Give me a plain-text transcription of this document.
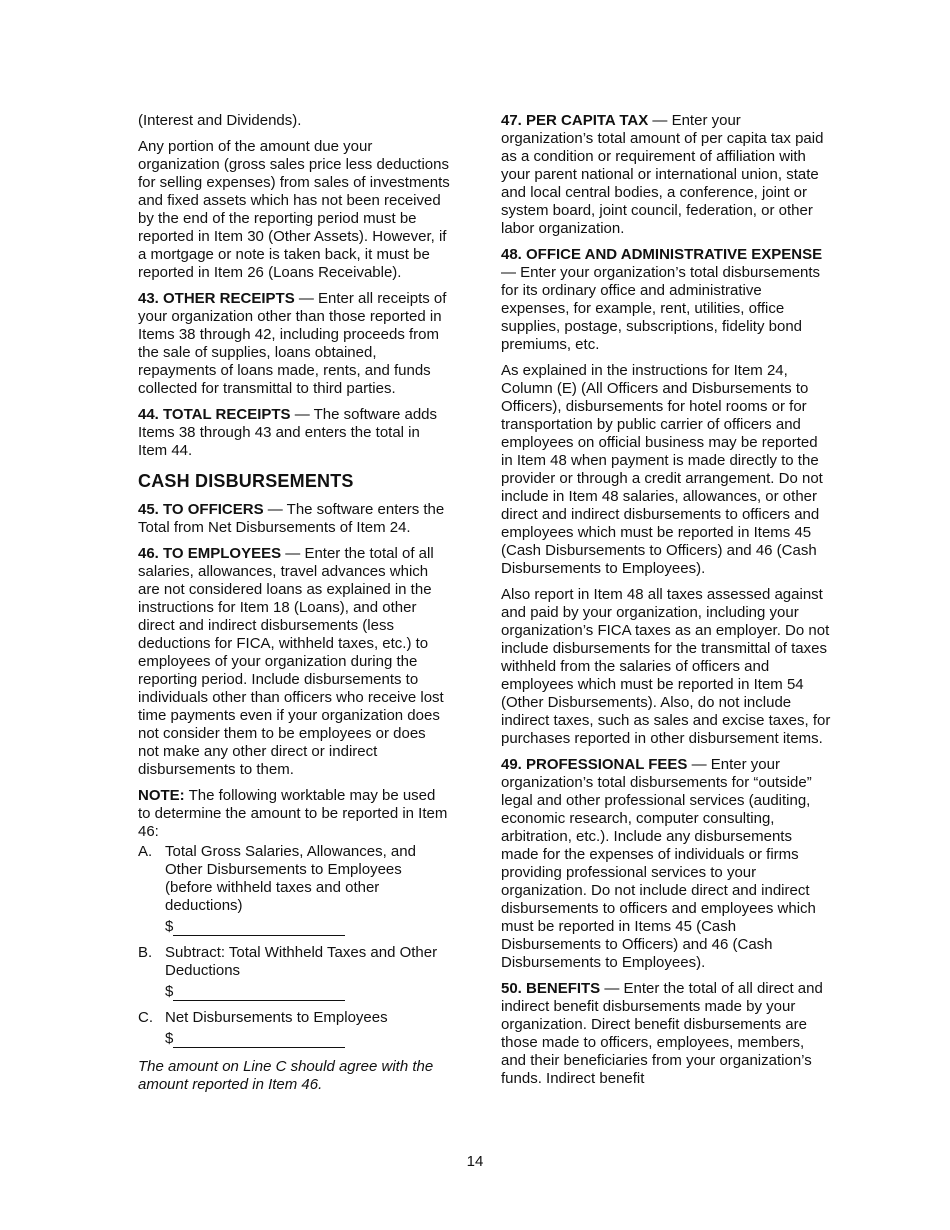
(Interest and Dividends).

Any portion of the amount due your organization (gross sales price less deductions for selling expenses) from sales of investments and fixed assets which has not been received by the end of the reporting period must be reported in Item 30 (Other Assets). However, if a mortgage or note is taken back, it must be reported in Item 26 (Loans Receivable).

43. OTHER RECEIPTS — Enter all receipts of your organization other than those reported in Items 38 through 42, including proceeds from the sale of supplies, loans obtained, repayments of loans made, rents, and funds collected for transmittal to third parties.

44. TOTAL RECEIPTS — The software adds Items 38 through 43 and enters the total in Item 44.

CASH DISBURSEMENTS

45. TO OFFICERS — The software enters the Total from Net Disbursements of Item 24.

46. TO EMPLOYEES — Enter the total of all salaries, allowances, travel advances which are not considered loans as explained in the instructions for Item 18 (Loans), and other direct and indirect disbursements (less deductions for FICA, withheld taxes, etc.) to employees of your organization during the reporting period. Include disbursements to individuals other than officers who receive lost time payments even if your organization does not consider them to be employees or does not make any other direct or indirect disbursements to them.

NOTE: The following worktable may be used to determine the amount to be reported in Item 46:

A. Total Gross Salaries, Allowances, and Other Disbursements to Employees (before withheld taxes and other deductions)
$
B. Subtract: Total Withheld Taxes and Other Deductions
$
C. Net Disbursements to Employees
$

The amount on Line C should agree with the amount reported in Item 46.

47. PER CAPITA TAX — Enter your organization’s total amount of per capita tax paid as a condition or requirement of affiliation with your parent national or international union, state and local central bodies, a conference, joint or system board, joint council, federation, or other labor organization.

48. OFFICE AND ADMINISTRATIVE EXPENSE — Enter your organization’s total disbursements for its ordinary office and administrative expenses, for example, rent, utilities, office supplies, postage, subscriptions, fidelity bond premiums, etc.

As explained in the instructions for Item 24, Column (E) (All Officers and Disbursements to Officers), disbursements for hotel rooms or for transportation by public carrier of officers and employees on official business may be reported in Item 48 when payment is made directly to the provider or through a credit arrangement. Do not include in Item 48 salaries, allowances, or other direct and indirect disbursements to officers and employees which must be reported in Items 45 (Cash Disbursements to Officers) and 46 (Cash Disbursements to Employees).

Also report in Item 48 all taxes assessed against and paid by your organization, including your organization’s FICA taxes as an employer. Do not include disbursements for the transmittal of taxes withheld from the salaries of officers and employees which must be reported in Item 54 (Other Disbursements). Also, do not include indirect taxes, such as sales and excise taxes, for purchases reported in other disbursement items.

49. PROFESSIONAL FEES — Enter your organization’s total disbursements for “outside” legal and other professional services (auditing, economic research, computer consulting, arbitration, etc.). Include any disbursements made for the expenses of individuals or firms providing professional services to your organization. Do not include direct and indirect disbursements to officers and employees which must be reported in Items 45 (Cash Disbursements to Officers) and 46 (Cash Disbursements to Employees).

50. BENEFITS — Enter the total of all direct and indirect benefit disbursements made by your organization. Direct benefit disbursements are those made to officers, employees, members, and their beneficiaries from your organization’s funds. Indirect benefit

14
